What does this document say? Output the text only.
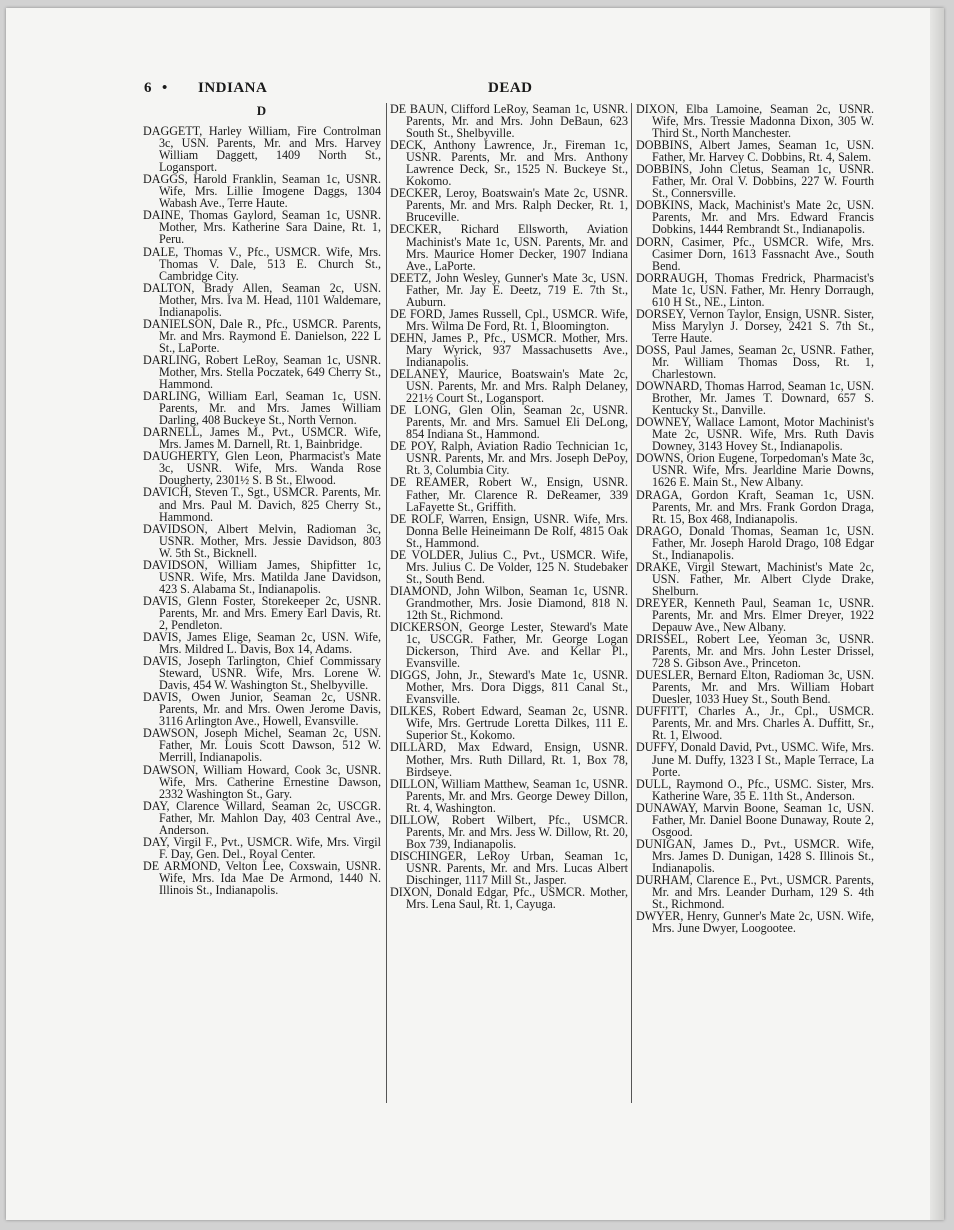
6 • INDIANA	DEAD
D

DAGGETT, Harley William, Fire Controlman 3c, USN. Parents, Mr. and Mrs. Harvey William Daggett, 1409 North St., Logansport.

DAGGS, Harold Franklin, Seaman 1c, USNR. Wife, Mrs. Lillie Imogene Daggs, 1304 Wabash Ave., Terre Haute.

DAINE, Thomas Gaylord, Seaman 1c, USNR. Mother, Mrs. Katherine Sara Daine, Rt. 1, Peru.

DALE, Thomas V., Pfc., USMCR. Wife, Mrs. Thomas V. Dale, 513 E. Church St., Cambridge City.

DALTON, Brady Allen, Seaman 2c, USN. Mother, Mrs. Iva M. Head, 1101 Waldemare, Indianapolis.

DANIELSON, Dale R., Pfc., USMCR. Parents, Mr. and Mrs. Raymond E. Danielson, 222 L St., LaPorte.

DARLING, Robert LeRoy, Seaman 1c, USNR. Mother, Mrs. Stella Poczatek, 649 Cherry St., Hammond.

DARLING, William Earl, Seaman 1c, USN. Parents, Mr. and Mrs. James William Darling, 408 Buckeye St., North Vernon.

DARNELL, James M., Pvt., USMCR. Wife, Mrs. James M. Darnell, Rt. 1, Bainbridge.

DAUGHERTY, Glen Leon, Pharmacist's Mate 3c, USNR. Wife, Mrs. Wanda Rose Dougherty, 2301½ S. B St., Elwood.

DAVICH, Steven T., Sgt., USMCR. Parents, Mr. and Mrs. Paul M. Davich, 825 Cherry St., Hammond.

DAVIDSON, Albert Melvin, Radioman 3c, USNR. Mother, Mrs. Jessie Davidson, 803 W. 5th St., Bicknell.

DAVIDSON, William James, Shipfitter 1c, USNR. Wife, Mrs. Matilda Jane Davidson, 423 S. Alabama St., Indianapolis.

DAVIS, Glenn Foster, Storekeeper 2c, USNR. Parents, Mr. and Mrs. Emery Earl Davis, Rt. 2, Pendleton.

DAVIS, James Elige, Seaman 2c, USN. Wife, Mrs. Mildred L. Davis, Box 14, Adams.

DAVIS, Joseph Tarlington, Chief Commissary Steward, USNR. Wife, Mrs. Lorene W. Davis, 454 W. Washington St., Shelbyville.

DAVIS, Owen Junior, Seaman 2c, USNR. Parents, Mr. and Mrs. Owen Jerome Davis, 3116 Arlington Ave., Howell, Evansville.

DAWSON, Joseph Michel, Seaman 2c, USN. Father, Mr. Louis Scott Dawson, 512 W. Merrill, Indianapolis.

DAWSON, William Howard, Cook 3c, USNR. Wife, Mrs. Catherine Ernestine Dawson, 2332 Washington St., Gary.

DAY, Clarence Willard, Seaman 2c, USCGR. Father, Mr. Mahlon Day, 403 Central Ave., Anderson.

DAY, Virgil F., Pvt., USMCR. Wife, Mrs. Virgil F. Day, Gen. Del., Royal Center.

DE ARMOND, Velton Lee, Coxswain, USNR. Wife, Mrs. Ida Mae De Armond, 1440 N. Illinois St., Indianapolis.

DE BAUN, Clifford LeRoy, Seaman 1c, USNR. Parents, Mr. and Mrs. John DeBaun, 623 South St., Shelbyville.

DECK, Anthony Lawrence, Jr., Fireman 1c, USNR. Parents, Mr. and Mrs. Anthony Lawrence Deck, Sr., 1525 N. Buckeye St., Kokomo.

DECKER, Leroy, Boatswain's Mate 2c, USNR. Parents, Mr. and Mrs. Ralph Decker, Rt. 1, Bruceville.

DECKER, Richard Ellsworth, Aviation Machinist's Mate 1c, USN. Parents, Mr. and Mrs. Maurice Homer Decker, 1907 Indiana Ave., LaPorte.

DEETZ, John Wesley, Gunner's Mate 3c, USN. Father, Mr. Jay E. Deetz, 719 E. 7th St., Auburn.

DE FORD, James Russell, Cpl., USMCR. Wife, Mrs. Wilma De Ford, Rt. 1, Bloomington.

DEHN, James P., Pfc., USMCR. Mother, Mrs. Mary Wyrick, 937 Massachusetts Ave., Indianapolis.

DELANEY, Maurice, Boatswain's Mate 2c, USN. Parents, Mr. and Mrs. Ralph Delaney, 221½ Court St., Logansport.

DE LONG, Glen Olin, Seaman 2c, USNR. Parents, Mr. and Mrs. Samuel Eli DeLong, 854 Indiana St., Hammond.

DE POY, Ralph, Aviation Radio Technician 1c, USNR. Parents, Mr. and Mrs. Joseph DePoy, Rt. 3, Columbia City.

DE REAMER, Robert W., Ensign, USNR. Father, Mr. Clarence R. DeReamer, 339 LaFayette St., Griffith.

DE ROLF, Warren, Ensign, USNR. Wife, Mrs. Donna Belle Heineimann De Rolf, 4815 Oak St., Hammond.

DE VOLDER, Julius C., Pvt., USMCR. Wife, Mrs. Julius C. De Volder, 125 N. Studebaker St., South Bend.

DIAMOND, John Wilbon, Seaman 1c, USNR. Grandmother, Mrs. Josie Diamond, 818 N. 12th St., Richmond.

DICKERSON, George Lester, Steward's Mate 1c, USCGR. Father, Mr. George Logan Dickerson, Third Ave. and Kellar Pl., Evansville.

DIGGS, John, Jr., Steward's Mate 1c, USNR. Mother, Mrs. Dora Diggs, 811 Canal St., Evansville.

DILKES, Robert Edward, Seaman 2c, USNR. Wife, Mrs. Gertrude Loretta Dilkes, 111 E. Superior St., Kokomo.

DILLARD, Max Edward, Ensign, USNR. Mother, Mrs. Ruth Dillard, Rt. 1, Box 78, Birdseye.

DILLON, William Matthew, Seaman 1c, USNR. Parents, Mr. and Mrs. George Dewey Dillon, Rt. 4, Washington.

DILLOW, Robert Wilbert, Pfc., USMCR. Parents, Mr. and Mrs. Jess W. Dillow, Rt. 20, Box 739, Indianapolis.

DISCHINGER, LeRoy Urban, Seaman 1c, USNR. Parents, Mr. and Mrs. Lucas Albert Dischinger, 1117 Mill St., Jasper.

DIXON, Donald Edgar, Pfc., USMCR. Mother, Mrs. Lena Saul, Rt. 1, Cayuga.

DIXON, Elba Lamoine, Seaman 2c, USNR. Wife, Mrs. Tressie Madonna Dixon, 305 W. Third St., North Manchester.

DOBBINS, Albert James, Seaman 1c, USN. Father, Mr. Harvey C. Dobbins, Rt. 4, Salem.

DOBBINS, John Cletus, Seaman 1c, USNR. Father, Mr. Oral V. Dobbins, 227 W. Fourth St., Connersville.

DOBKINS, Mack, Machinist's Mate 2c, USN. Parents, Mr. and Mrs. Edward Francis Dobkins, 1444 Rembrandt St., Indianapolis.

DORN, Casimer, Pfc., USMCR. Wife, Mrs. Casimer Dorn, 1613 Fassnacht Ave., South Bend.

DORRAUGH, Thomas Fredrick, Pharmacist's Mate 1c, USN. Father, Mr. Henry Dorraugh, 610 H St., NE., Linton.

DORSEY, Vernon Taylor, Ensign, USNR. Sister, Miss Marylyn J. Dorsey, 2421 S. 7th St., Terre Haute.

DOSS, Paul James, Seaman 2c, USNR. Father, Mr. William Thomas Doss, Rt. 1, Charlestown.

DOWNARD, Thomas Harrod, Seaman 1c, USN. Brother, Mr. James T. Downard, 657 S. Kentucky St., Danville.

DOWNEY, Wallace Lamont, Motor Machinist's Mate 2c, USNR. Wife, Mrs. Ruth Davis Downey, 3143 Hovey St., Indianapolis.

DOWNS, Orion Eugene, Torpedoman's Mate 3c, USNR. Wife, Mrs. Jearldine Marie Downs, 1626 E. Main St., New Albany.

DRAGA, Gordon Kraft, Seaman 1c, USN. Parents, Mr. and Mrs. Frank Gordon Draga, Rt. 15, Box 468, Indianapolis.

DRAGO, Donald Thomas, Seaman 1c, USN. Father, Mr. Joseph Harold Drago, 108 Edgar St., Indianapolis.

DRAKE, Virgil Stewart, Machinist's Mate 2c, USN. Father, Mr. Albert Clyde Drake, Shelburn.

DREYER, Kenneth Paul, Seaman 1c, USNR. Parents, Mr. and Mrs. Elmer Dreyer, 1922 Depauw Ave., New Albany.

DRISSEL, Robert Lee, Yeoman 3c, USNR. Parents, Mr. and Mrs. John Lester Drissel, 728 S. Gibson Ave., Princeton.

DUESLER, Bernard Elton, Radioman 3c, USN. Parents, Mr. and Mrs. William Hobart Duesler, 1033 Huey St., South Bend.

DUFFITT, Charles A., Jr., Cpl., USMCR. Parents, Mr. and Mrs. Charles A. Duffitt, Sr., Rt. 1, Elwood.

DUFFY, Donald David, Pvt., USMC. Wife, Mrs. June M. Duffy, 1323 I St., Maple Terrace, La Porte.

DULL, Raymond O., Pfc., USMC. Sister, Mrs. Katherine Ware, 35 E. 11th St., Anderson.

DUNAWAY, Marvin Boone, Seaman 1c, USN. Father, Mr. Daniel Boone Dunaway, Route 2, Osgood.

DUNIGAN, James D., Pvt., USMCR. Wife, Mrs. James D. Dunigan, 1428 S. Illinois St., Indianapolis.

DURHAM, Clarence E., Pvt., USMCR. Parents, Mr. and Mrs. Leander Durham, 129 S. 4th St., Richmond.

DWYER, Henry, Gunner's Mate 2c, USN. Wife, Mrs. June Dwyer, Loogootee.
